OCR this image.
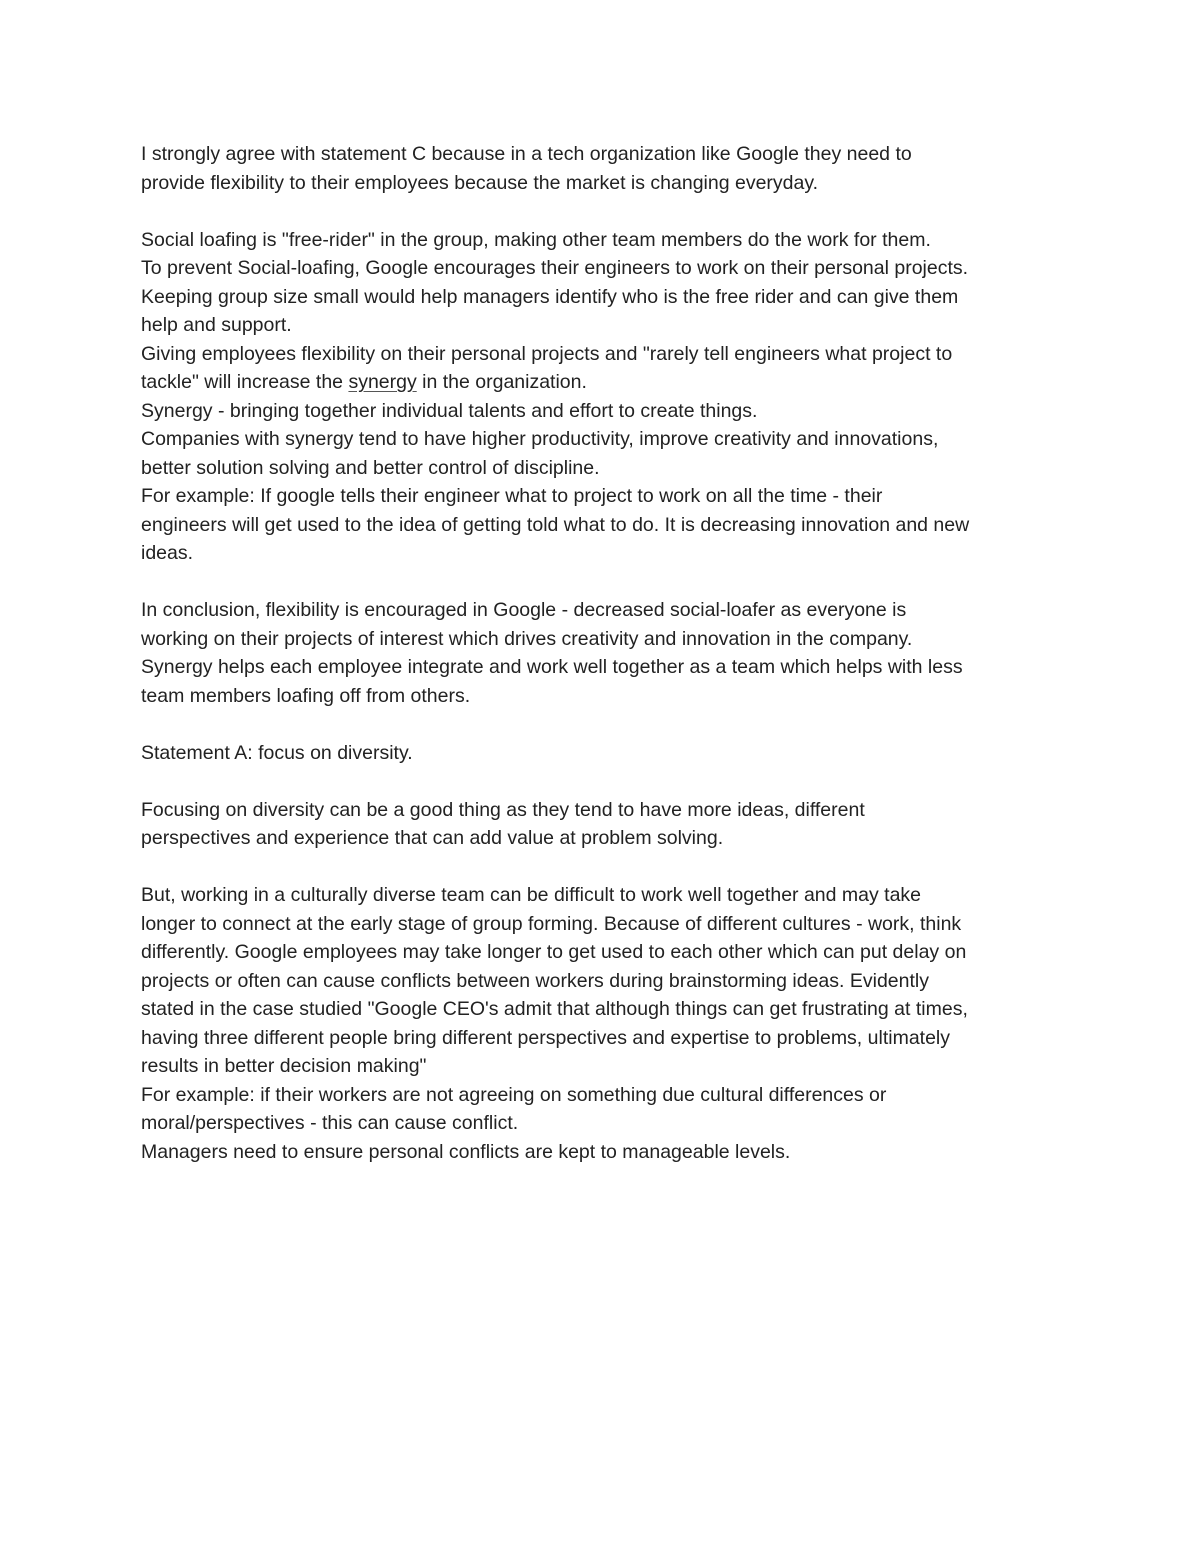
I strongly agree with statement C because in a tech organization like Google they need to
provide flexibility to their employees because the market is changing everyday.
Social loafing is "free-rider" in the group, making other team members do the work for them.
To prevent Social-loafing, Google encourages their engineers to work on their personal projects.
Keeping group size small would help managers identify who is the free rider and can give them
help and support.
Giving employees flexibility on their personal projects and "rarely tell engineers what project to
tackle" will increase the synergy in the organization.
Synergy - bringing together individual talents and effort to create things.
Companies with synergy tend to have higher productivity, improve creativity and innovations,
better solution solving and better control of discipline.
For example: If google tells their engineer what to project to work on all the time - their
engineers will get used to the idea of getting told what to do. It is decreasing innovation and new
ideas.
In conclusion, flexibility is encouraged in Google - decreased social-loafer as everyone is
working on their projects of interest which drives creativity and innovation in the company.
Synergy helps each employee integrate and work well together as a team which helps with less
team members loafing off from others.
Statement A: focus on diversity.
Focusing on diversity can be a good thing as they tend to have more ideas, different
perspectives and experience that can add value at problem solving.
But, working in a culturally diverse team can be difficult to work well together and may take
longer to connect at the early stage of group forming. Because of different cultures - work, think
differently. Google employees may take longer to get used to each other which can put delay on
projects or often can cause conflicts between workers during brainstorming ideas. Evidently
stated in the case studied "Google CEO's admit that although things can get frustrating at times,
having three different people bring different perspectives and expertise to problems, ultimately
results in better decision making"
For example: if their workers are not agreeing on something due cultural differences or
moral/perspectives - this can cause conflict.
Managers need to ensure personal conflicts are kept to manageable levels.
